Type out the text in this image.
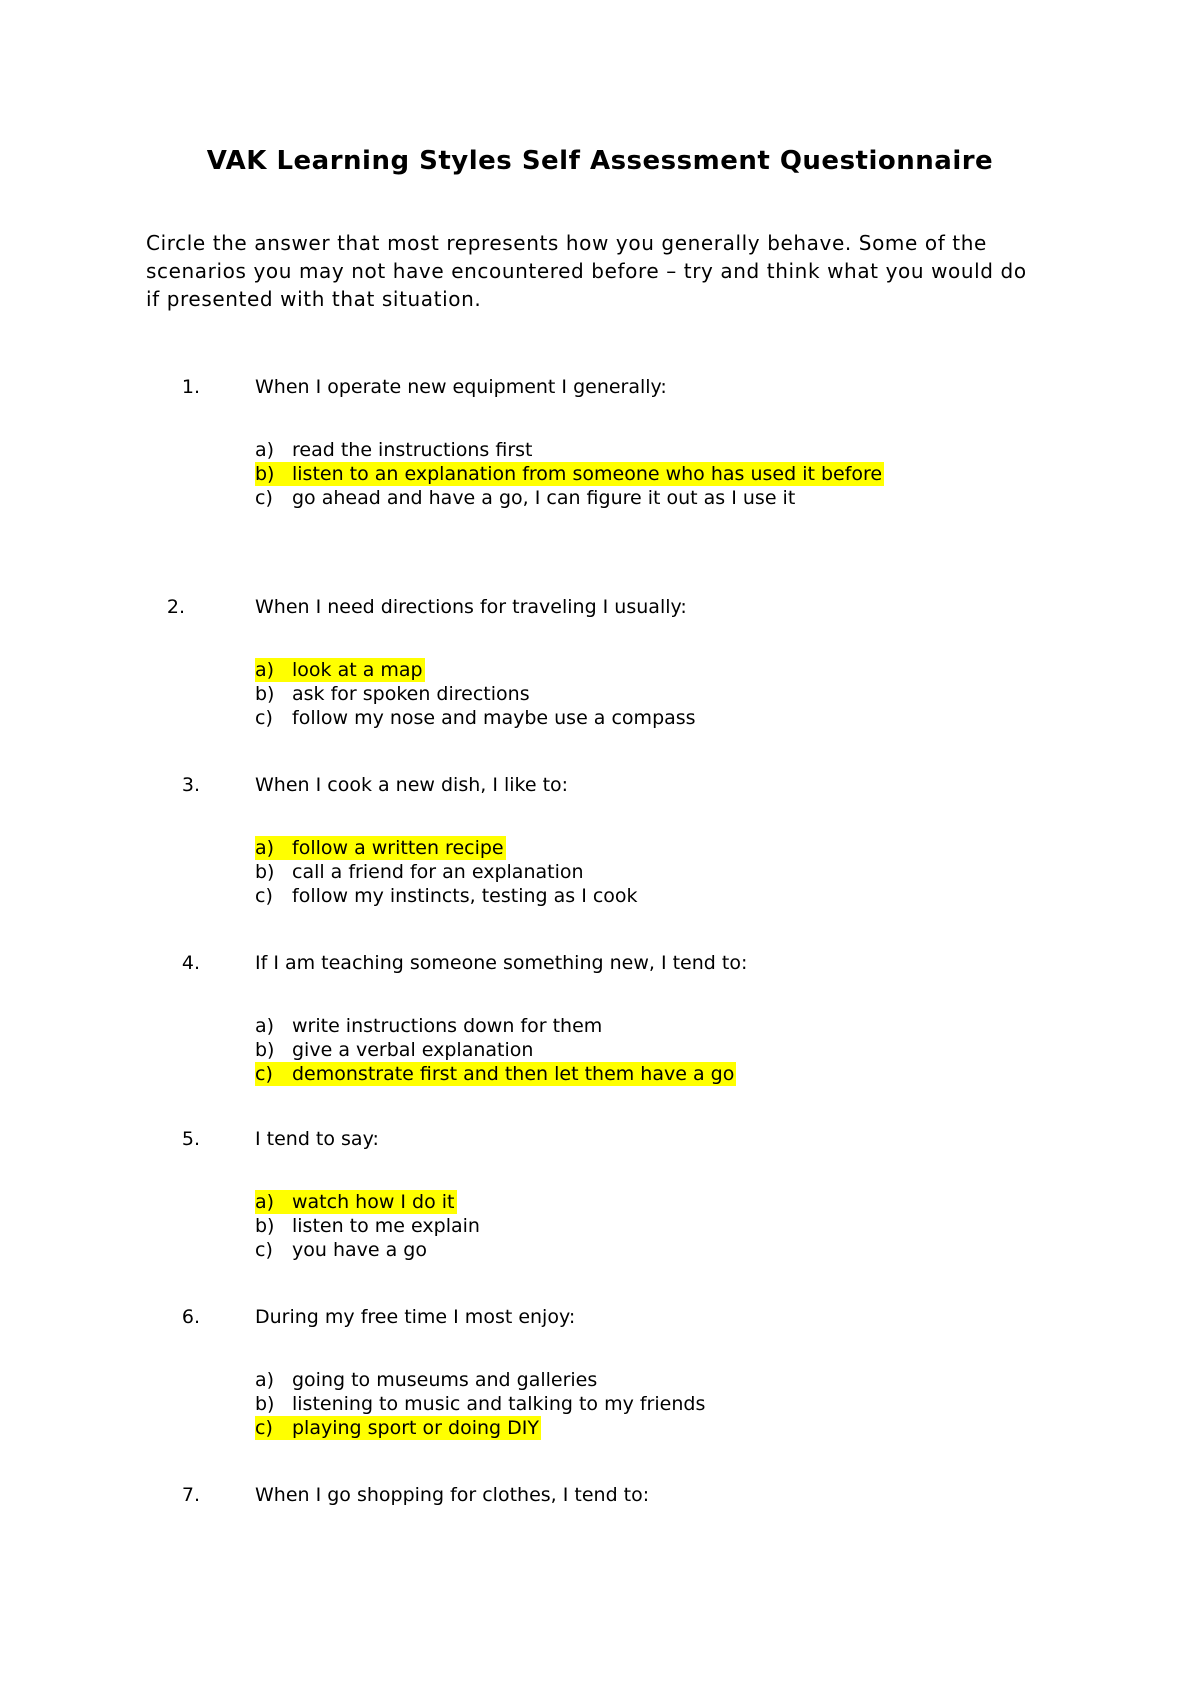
VAK Learning Styles Self Assessment Questionnaire

Circle the answer that most represents how you generally behave. Some of the scenarios you may not have encountered before – try and think what you would do if presented with that situation.

1.	When I operate new equipment I generally:
a) read the instructions first
b) listen to an explanation from someone who has used it before
c) go ahead and have a go, I can figure it out as I use it
2.	When I need directions for traveling I usually:
a) look at a map
b) ask for spoken directions
c) follow my nose and maybe use a compass
3.	When I cook a new dish, I like to:
a) follow a written recipe
b) call a friend for an explanation
c) follow my instincts, testing as I cook
4.	If I am teaching someone something new, I tend to:
a) write instructions down for them
b) give a verbal explanation
c) demonstrate first and then let them have a go
5.	I tend to say:
a) watch how I do it
b) listen to me explain
c) you have a go
6.	During my free time I most enjoy:
a) going to museums and galleries
b) listening to music and talking to my friends
c) playing sport or doing DIY
7.	When I go shopping for clothes, I tend to:
